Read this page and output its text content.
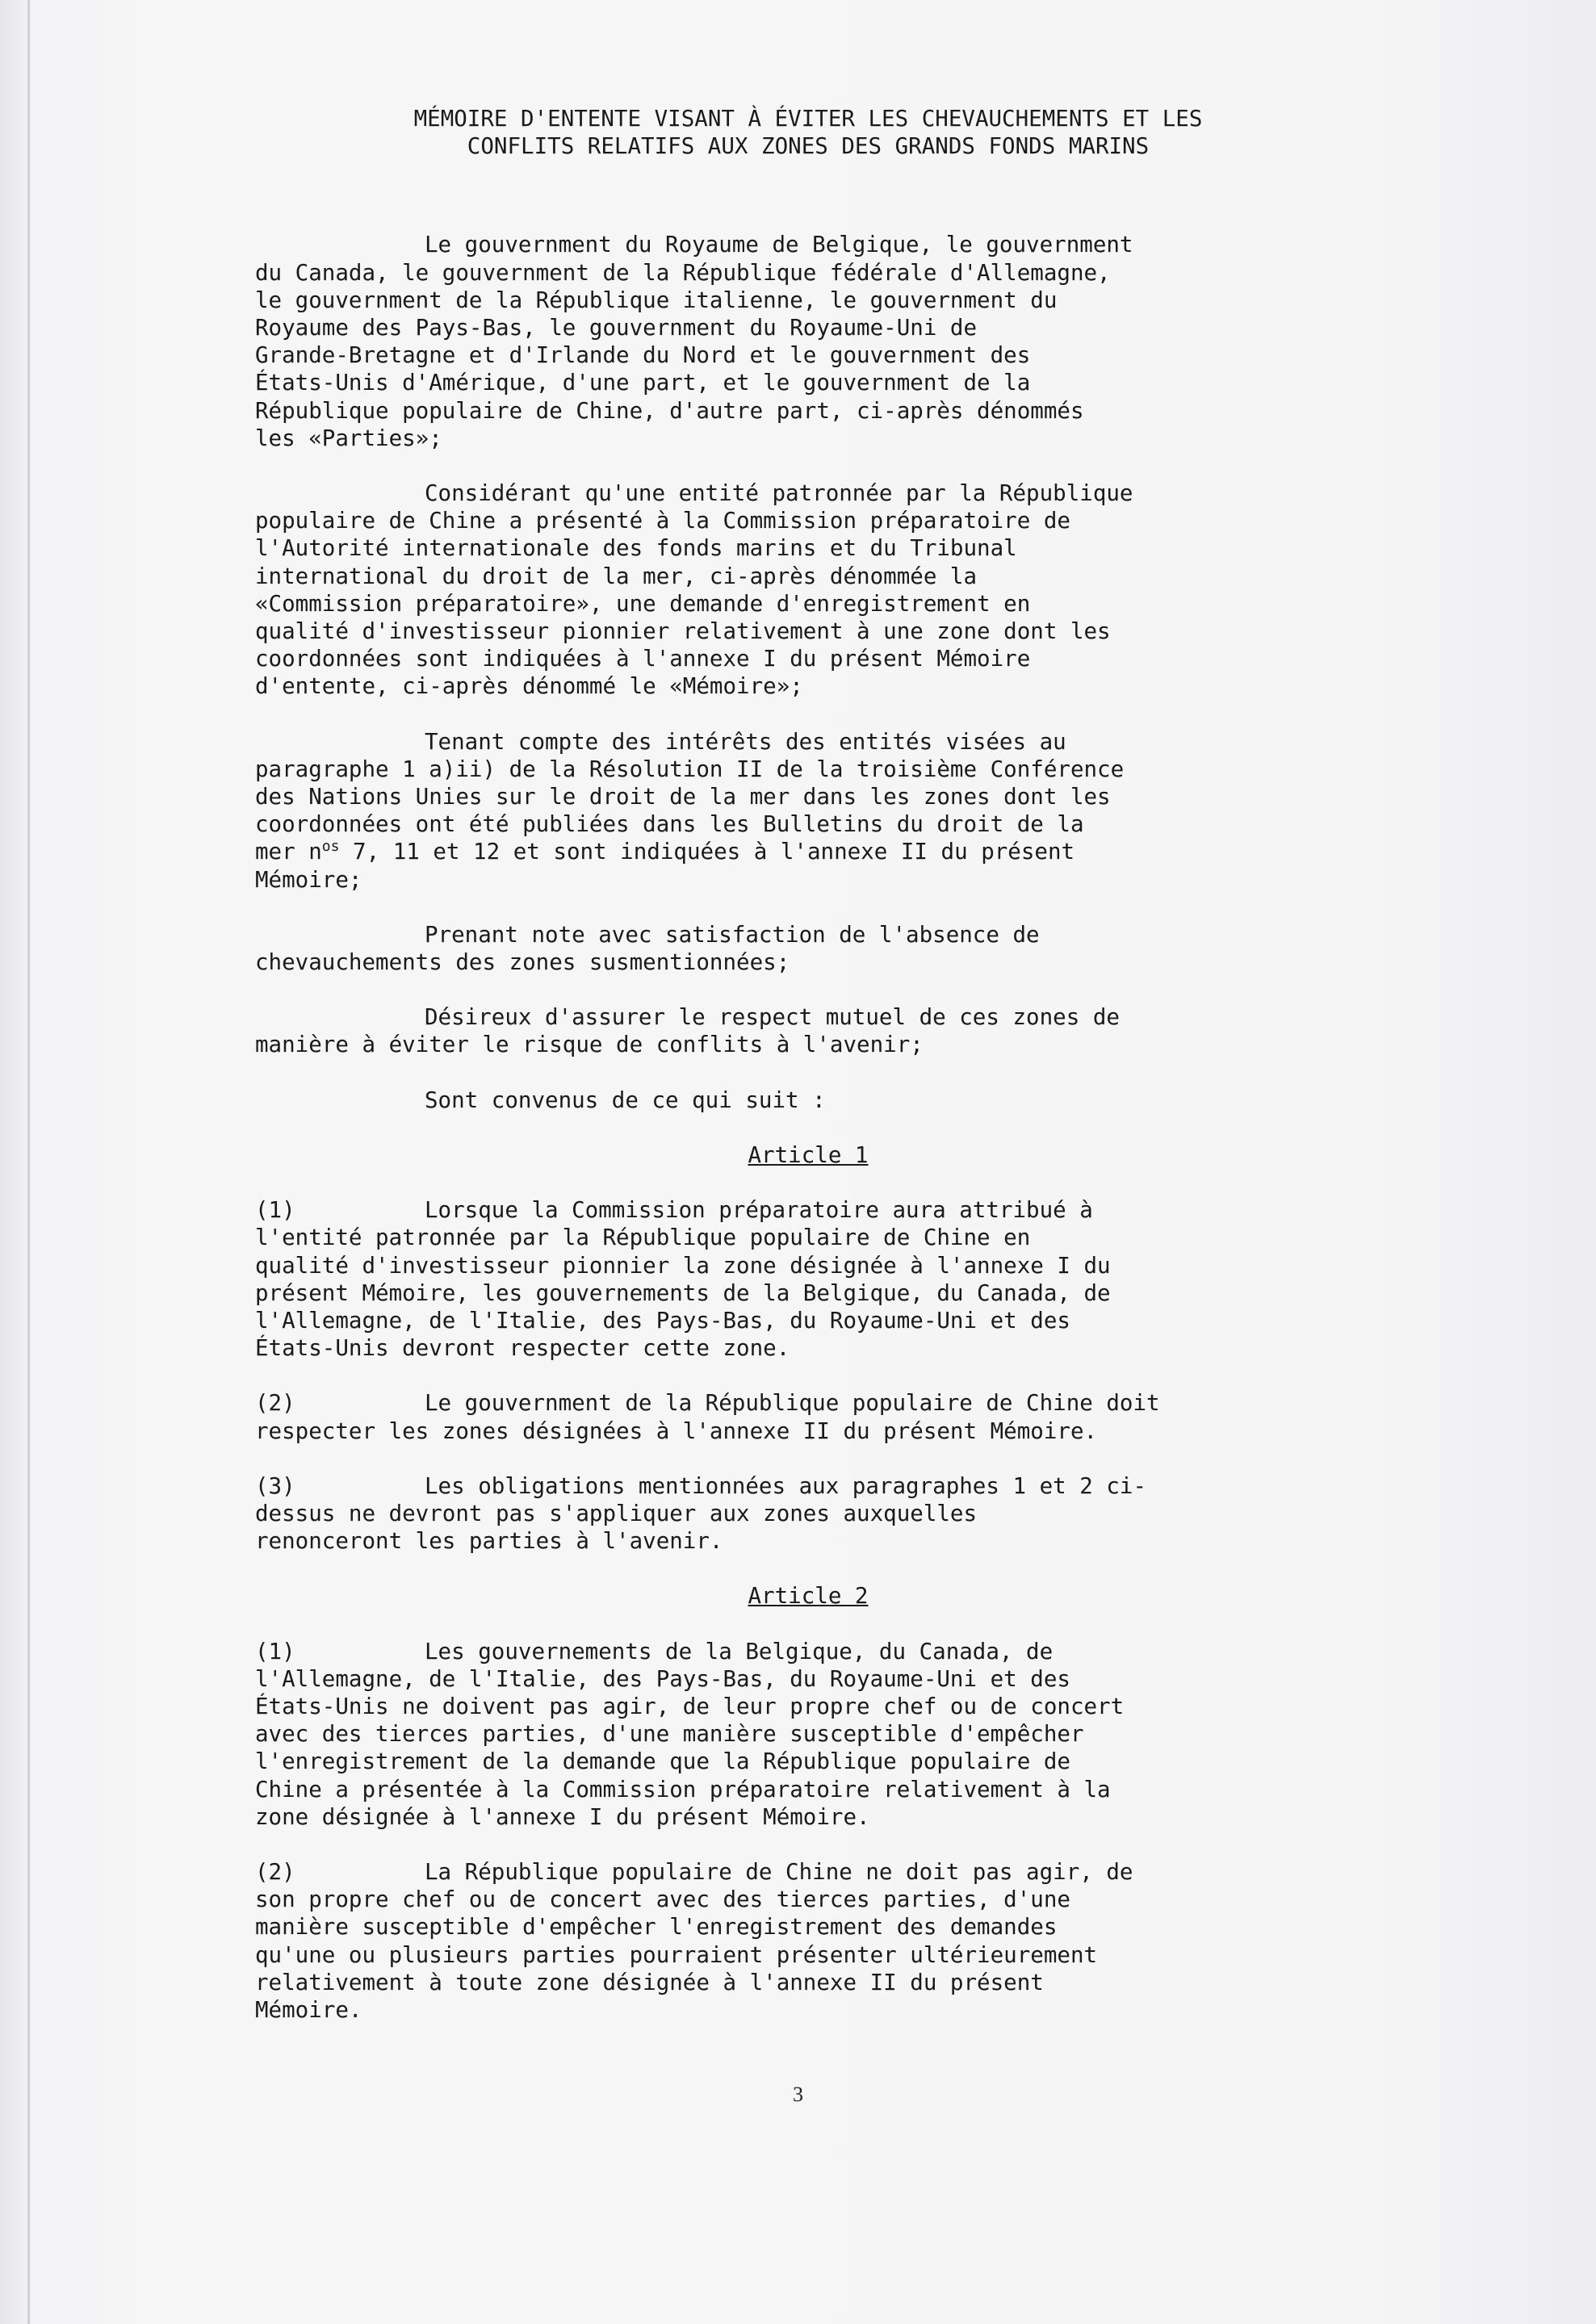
MÉMOIRE D'ENTENTE VISANT À ÉVITER LES CHEVAUCHEMENTS ET LES
CONFLITS RELATIFS AUX ZONES DES GRANDS FONDS MARINS

Le gouvernment du Royaume de Belgique, le gouvernment
du Canada, le gouvernment de la République fédérale d'Allemagne,
le gouvernment de la République italienne, le gouvernment du
Royaume des Pays-Bas, le gouvernment du Royaume-Uni de
Grande-Bretagne et d'Irlande du Nord et le gouvernment des
États-Unis d'Amérique, d'une part, et le gouvernment de la
République populaire de Chine, d'autre part, ci-après dénommés
les «Parties»;

Considérant qu'une entité patronnée par la République
populaire de Chine a présenté à la Commission préparatoire de
l'Autorité internationale des fonds marins et du Tribunal
international du droit de la mer, ci-après dénommée la
«Commission préparatoire», une demande d'enregistrement en
qualité d'investisseur pionnier relativement à une zone dont les
coordonnées sont indiquées à l'annexe I du présent Mémoire
d'entente, ci-après dénommé le «Mémoire»;

Tenant compte des intérêts des entités visées au
paragraphe 1 a)ii) de la Résolution II de la troisième Conférence
des Nations Unies sur le droit de la mer dans les zones dont les
coordonnées ont été publiées dans les Bulletins du droit de la
mer $n^{os}$ 7, 11 et 12 et sont indiquées à l'annexe II du présent
Mémoire;

Prenant note avec satisfaction de l'absence de
chevauchements des zones susmentionnées;

Désireux d'assurer le respect mutuel de ces zones de
manière à éviter le risque de conflits à l'avenir;

Sont convenus de ce qui suit :

Article 1
(1)	Lorsque la Commission préparatoire aura attribué à
l'entité patronnée par la République populaire de Chine en
qualité d'investisseur pionnier la zone désignée à l'annexe I du
présent Mémoire, les gouvernements de la Belgique, du Canada, de
l'Allemagne, de l'Italie, des Pays-Bas, du Royaume-Uni et des
États-Unis devront respecter cette zone.
(2)	Le gouvernment de la République populaire de Chine doit
respecter les zones désignées à l'annexe II du présent Mémoire.
(3)	Les obligations mentionnées aux paragraphes 1 et 2 ci-
dessus ne devront pas s'appliquer aux zones auxquelles
renonceront les parties à l'avenir.
Article 2
(1)	Les gouvernements de la Belgique, du Canada, de
l'Allemagne, de l'Italie, des Pays-Bas, du Royaume-Uni et des
États-Unis ne doivent pas agir, de leur propre chef ou de concert
avec des tierces parties, d'une manière susceptible d'empêcher
l'enregistrement de la demande que la République populaire de
Chine a présentée à la Commission préparatoire relativement à la
zone désignée à l'annexe I du présent Mémoire.
(2)	La République populaire de Chine ne doit pas agir, de
son propre chef ou de concert avec des tierces parties, d'une
manière susceptible d'empêcher l'enregistrement des demandes
qu'une ou plusieurs parties pourraient présenter ultérieurement
relativement à toute zone désignée à l'annexe II du présent
Mémoire.
3
